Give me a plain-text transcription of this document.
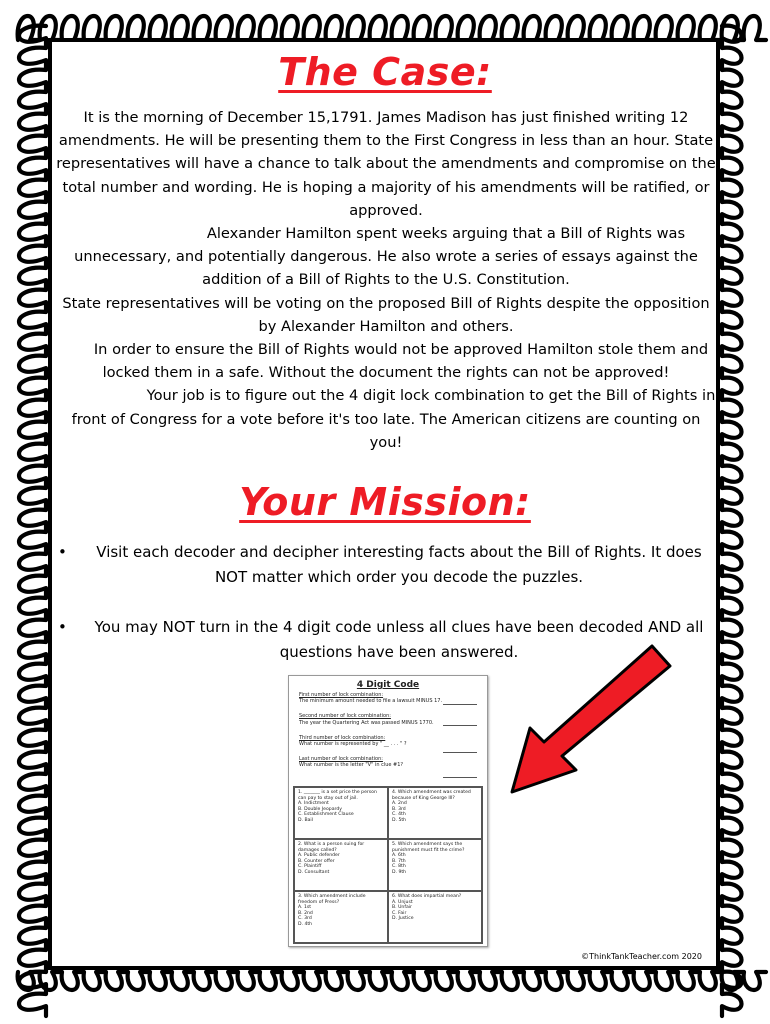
The Case:

It is the morning of December 15,1791. James Madison has just finished writing 12 amendments. He will be presenting them to the First Congress in less than an hour. State representatives will have a chance to talk about the amendments and compromise on the total number and wording. He is hoping a majority of his amendments will be ratified, or approved.

Alexander Hamilton spent weeks arguing that a Bill of Rights was unnecessary, and potentially dangerous. He also wrote a series of essays against the addition of a Bill of Rights to the U.S. Constitution.

State representatives will be voting on the proposed Bill of Rights despite the opposition by Alexander Hamilton and others.

In order to ensure the Bill of Rights would not be approved Hamilton stole them and locked them in a safe. Without the document the rights can not be approved!

Your job is to figure out the 4 digit lock combination to get the Bill of Rights in front of Congress for a vote before it's too late. The American citizens are counting on you!

Your Mission:
• Visit each decoder and decipher interesting facts about the Bill of Rights. It does NOT matter which order you decode the puzzles.
• You may NOT turn in the 4 digit code unless all clues have been decoded AND all questions have been answered.
4 Digit Code
First number of lock combination:
The minimum amount needed to file a lawsuit MINUS 17.
Second number of lock combination:
The year the Quartering Act was passed MINUS 1770.
Third number of lock combination:
What number is represented by " __ . . . " ?
Last number of lock combination:
What number is the letter "V" in clue #1?
1. _______ is a set price the person can pay to stay out of jail.
A. Indictment
B. Double Jeopardy
C. Establishment Clause
D. Bail
4. Which amendment was created because of King George III?
A. 2nd
B. 3rd
C. 4th
D. 5th
2. What is a person suing for damages called?
A. Public defender
B. Counter offer
C. Plaintiff
D. Consultant
5. Which amendment says the punishment must fit the crime?
A. 6th
B. 7th
C. 8th
D. 9th
3. Which amendment include freedom of Press?
A. 1st
B. 2nd
C. 3rd
D. 4th
6. What does impartial mean?
A. Unjust
B. Unfair
C. Fair
D. Justice
©ThinkTankTeacher.com 2020
